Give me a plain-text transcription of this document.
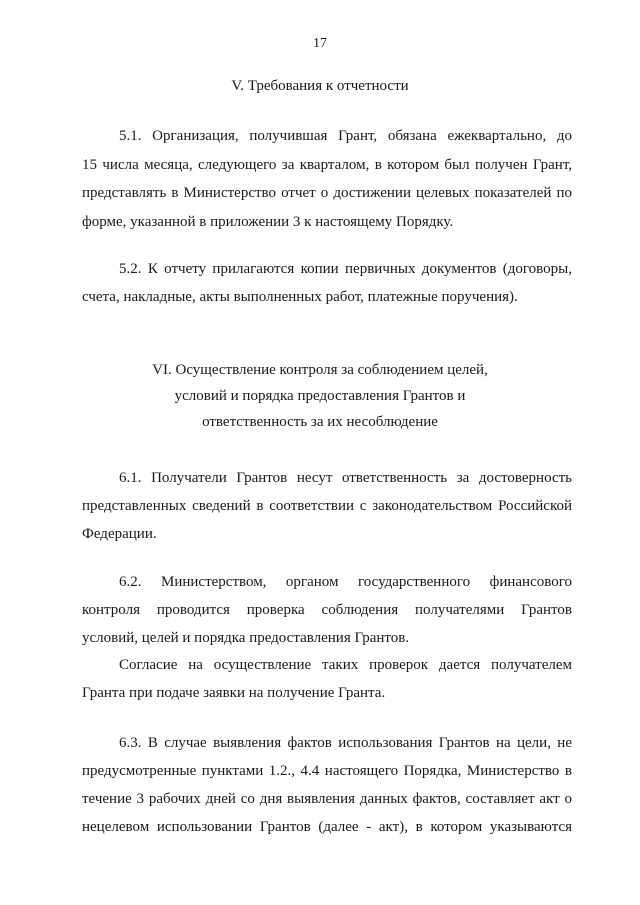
17
V. Требования к отчетности
5.1. Организация, получившая Грант, обязана ежеквартально, до
15 числа месяца, следующего за кварталом, в котором был получен Грант,
представлять в Министерство отчет о достижении целевых показателей по
форме, указанной в приложении 3 к настоящему Порядку.
5.2. К отчету прилагаются копии первичных документов (договоры,
счета, накладные, акты выполненных работ, платежные поручения).
VI. Осуществление контроля за соблюдением целей,
условий и порядка предоставления Грантов и
ответственность за их несоблюдение
6.1. Получатели Грантов несут ответственность за достоверность
представленных сведений в соответствии с законодательством Российской
Федерации.
6.2. Министерством, органом государственного финансового
контроля проводится проверка соблюдения получателями Грантов
условий, целей и порядка предоставления Грантов.
Согласие на осуществление таких проверок дается получателем
Гранта при подаче заявки на получение Гранта.
6.3. В случае выявления фактов использования Грантов на цели, не
предусмотренные пунктами 1.2., 4.4 настоящего Порядка, Министерство в
течение 3 рабочих дней со дня выявления данных фактов, составляет акт о
нецелевом использовании Грантов (далее - акт), в котором указываются
